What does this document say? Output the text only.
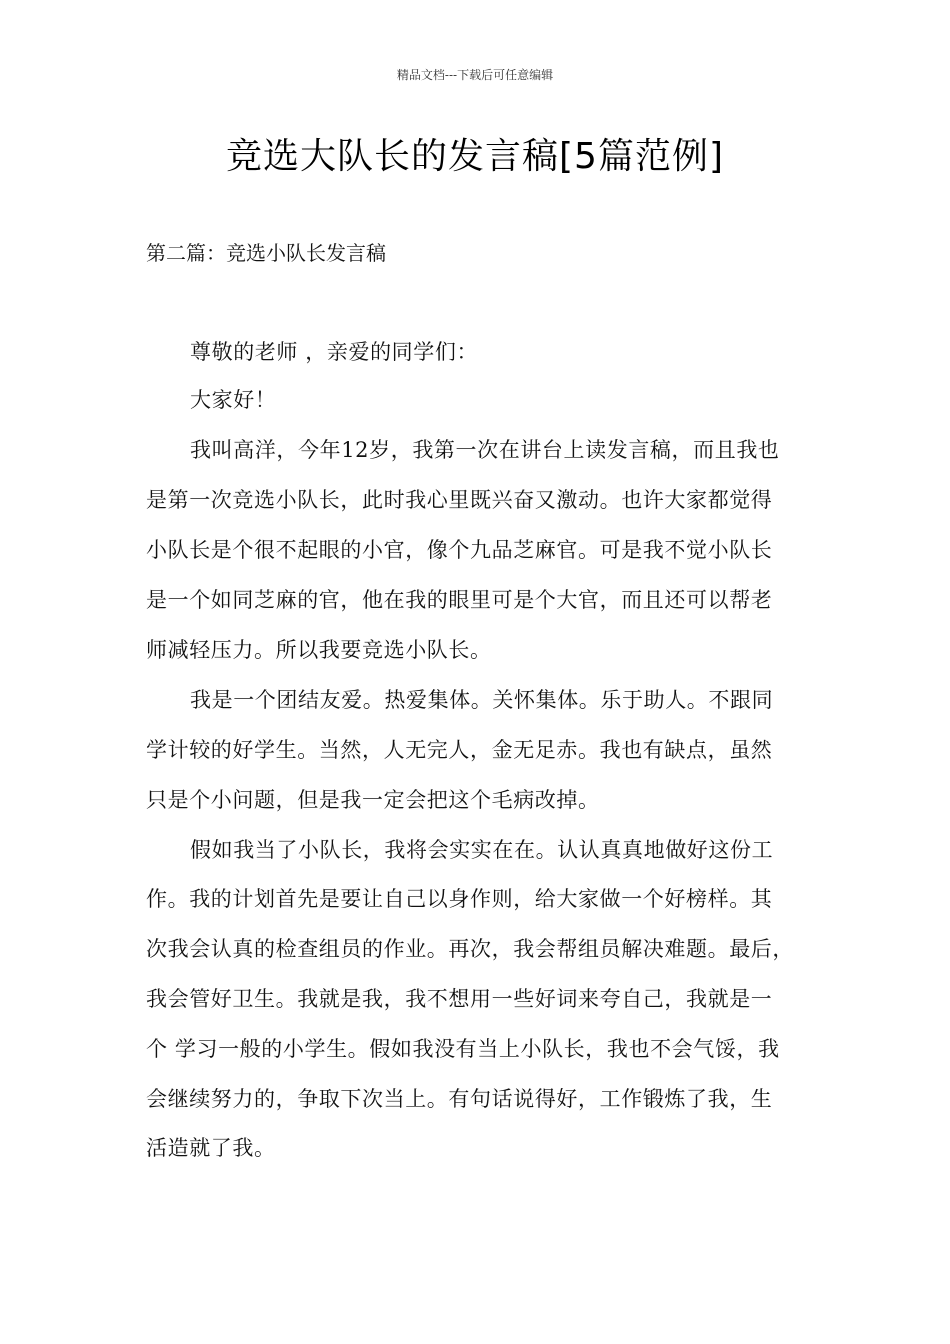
精品文档---下载后可任意编辑
竞选大队长的发言稿[5篇范例]
第二篇：竞选小队长发言稿
尊敬的老师 ，亲爱的同学们：
大家好！
我叫高洋，今年12岁，我第一次在讲台上读发言稿，而且我也
是第一次竞选小队长，此时我心里既兴奋又激动。也许大家都觉得
小队长是个很不起眼的小官，像个九品芝麻官。可是我不觉小队长
是一个如同芝麻的官，他在我的眼里可是个大官，而且还可以帮老
师减轻压力。所以我要竞选小队长。
我是一个团结友爱。热爱集体。关怀集体。乐于助人。不跟同
学计较的好学生。当然，人无完人，金无足赤。我也有缺点，虽然
只是个小问题，但是我一定会把这个毛病改掉。
假如我当了小队长，我将会实实在在。认认真真地做好这份工
作。我的计划首先是要让自己以身作则，给大家做一个好榜样。其
次我会认真的检查组员的作业。再次，我会帮组员解决难题。最后，
我会管好卫生。我就是我，我不想用一些好词来夸自己，我就是一
个 学习一般的小学生。假如我没有当上小队长，我也不会气馁，我
会继续努力的，争取下次当上。有句话说得好，工作锻炼了我，生
活造就了我。
